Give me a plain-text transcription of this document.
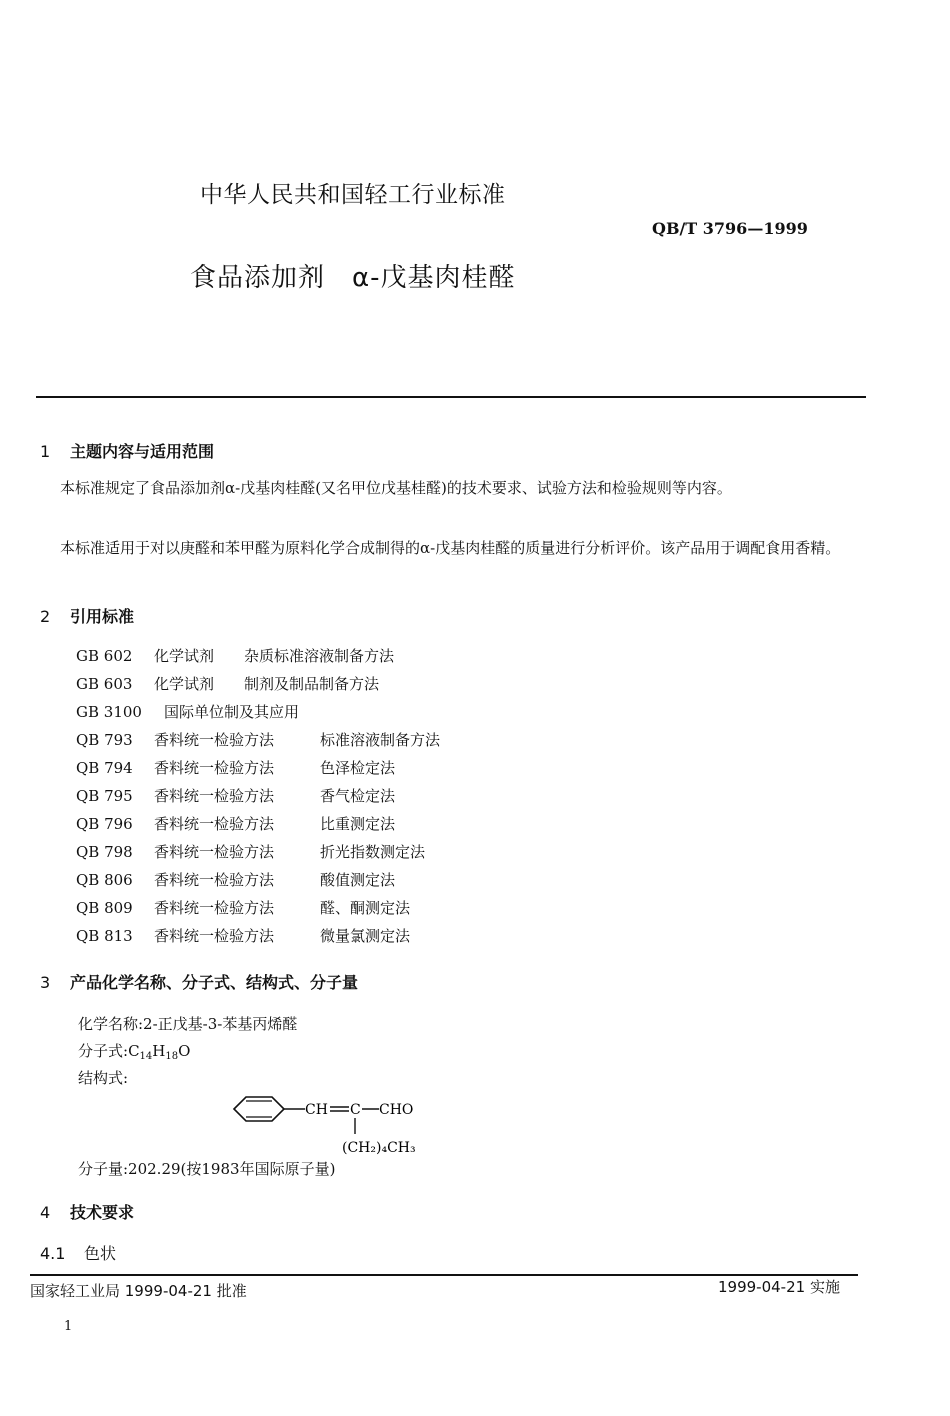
中华人民共和国轻工行业标准
QB/T 3796—1999
食品添加剂　α-戊基肉桂醛
1 主题内容与适用范围
本标准规定了食品添加剂α-戊基肉桂醛(又名甲位戊基桂醛)的技术要求、试验方法和检验规则等内容。
本标准适用于对以庚醛和苯甲醛为原料化学合成制得的α-戊基肉桂醛的质量进行分析评价。该产品用于调配食用香精。
2 引用标准
GB 602 化学试剂 杂质标准溶液制备方法
GB 603 化学试剂 制剂及制品制备方法
GB 3100 国际单位制及其应用
QB 793 香料统一检验方法	标准溶液制备方法
QB 794 香料统一检验方法	色泽检定法
QB 795 香料统一检验方法	香气检定法
QB 796 香料统一检验方法	比重测定法
QB 798 香料统一检验方法	折光指数测定法
QB 806 香料统一检验方法	酸值测定法
QB 809 香料统一检验方法	醛、酮测定法
QB 813 香料统一检验方法	微量氯测定法
3 产品化学名称、分子式、结构式、分子量
化学名称:2-正戊基-3-苯基丙烯醛
分子式$:C_{14}H_{18}O$
结构式:
CH C CHO
(CH₂)₄CH₃
分子量:202.29(按1983年国际原子量)
4 技术要求
4.1 色状
国家轻工业局 1999-04-21 批准	1999-04-21 实施
1
